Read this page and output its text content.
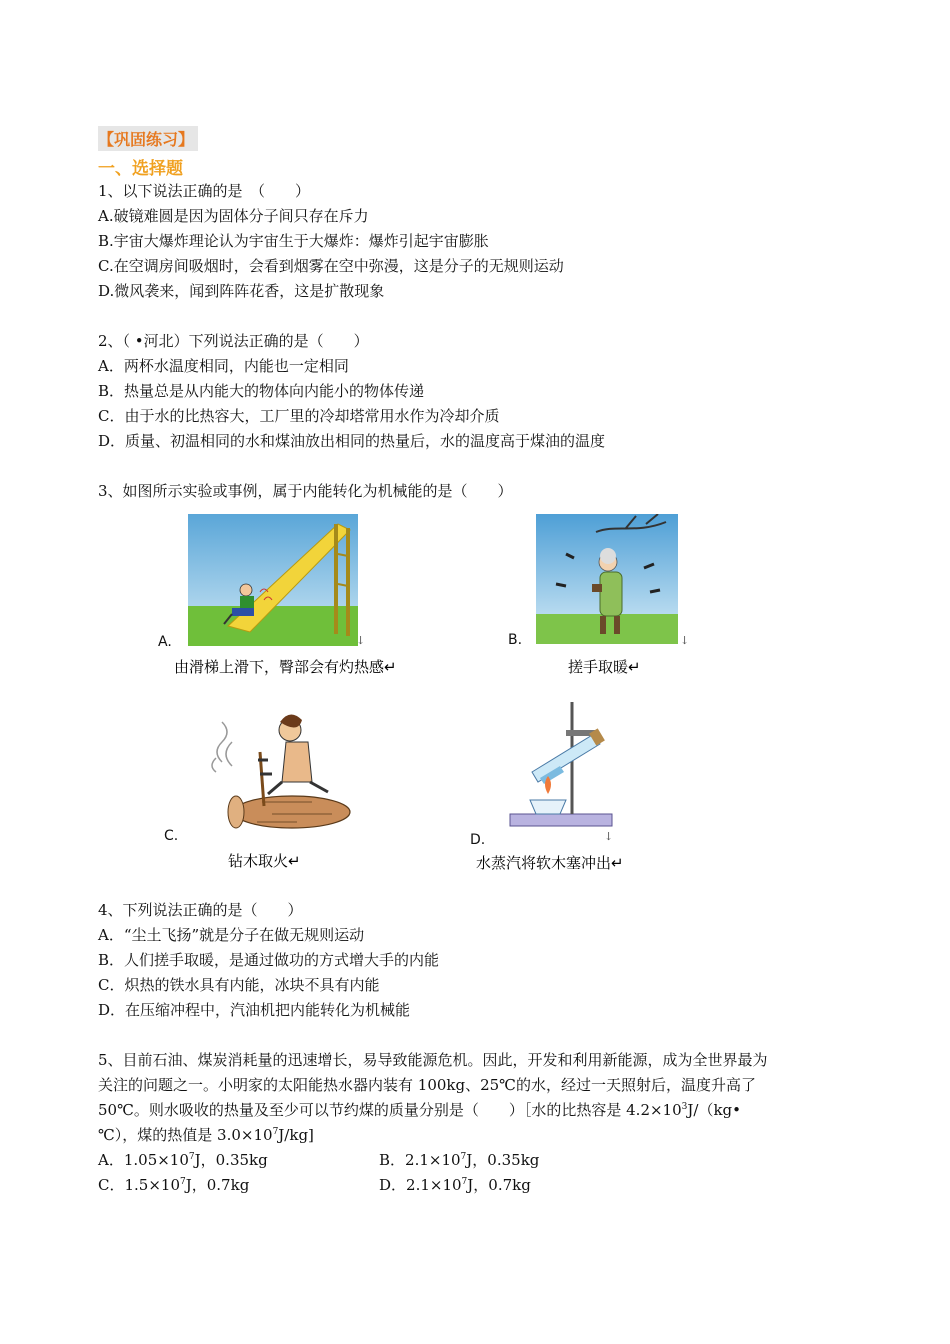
【巩固练习】
一、选择题
1、以下说法正确的是　（　　）
A.破镜难圆是因为固体分子间只存在斥力
B.宇宙大爆炸理论认为宇宙生于大爆炸：爆炸引起宇宙膨胀
C.在空调房间吸烟时，会看到烟雾在空中弥漫，这是分子的无规则运动
D.微风袭来，闻到阵阵花香，这是扩散现象
2、（ •河北）下列说法正确的是（　　）
A．两杯水温度相同，内能也一定相同
B．热量总是从内能大的物体向内能小的物体传递
C．由于水的比热容大，工厂里的冷却塔常用水作为冷却介质
D．质量、初温相同的水和煤油放出相同的热量后，水的温度高于煤油的温度
3、如图所示实验或事例，属于内能转化为机械能的是（　　）
A.	↓
由滑梯上滑下，臀部会有灼热感↵
B.	↓
搓手取暖↵
C.
钻木取火↵
D.	↓
水蒸汽将软木塞冲出↵
4、下列说法正确的是（　　）
A．“尘土飞扬”就是分子在做无规则运动
B．人们搓手取暖，是通过做功的方式增大手的内能
C．炽热的铁水具有内能，冰块不具有内能
D．在压缩冲程中，汽油机把内能转化为机械能
5、目前石油、煤炭消耗量的迅速增长，易导致能源危机。因此，开发和利用新能源，成为全世界最为
关注的问题之一。小明家的太阳能热水器内装有 100kg、25℃的水，经过一天照射后，温度升高了
50℃。则水吸收的热量及至少可以节约煤的质量分别是（　　）［水的比热容是 $4.2\times 10^3J/(kg•$
℃），煤的热值是 $3.0\times 10^7J/kg$]
A．$1.05\times 10^7J$，0.35kg	B．$2.1\times 10^7J$，0.35kg
C．$1.5\times 10^7J$，0.7kg	D．$2.1\times 10^7J$，0.7kg
